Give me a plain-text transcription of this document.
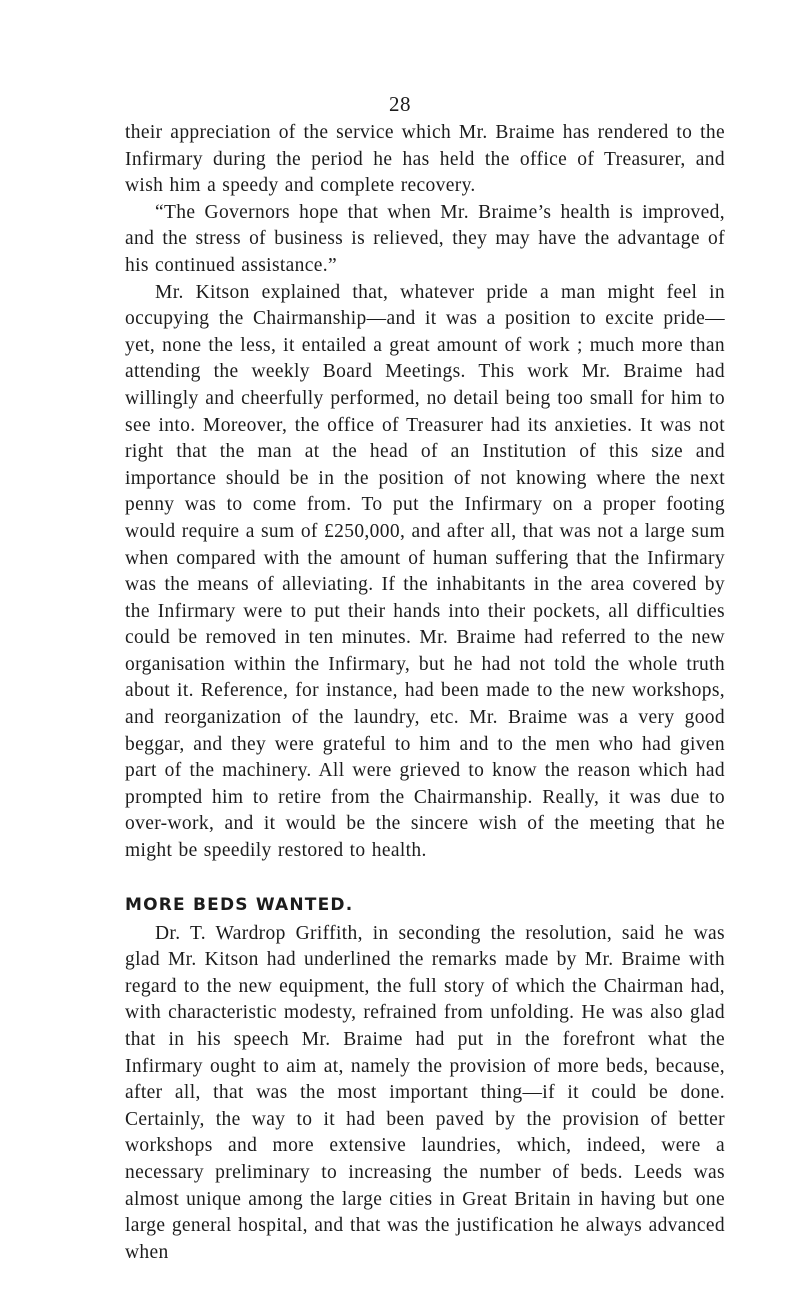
28

their appreciation of the service which Mr. Braime has rendered to the Infirmary during the period he has held the office of Treasurer, and wish him a speedy and complete recovery.

“The Governors hope that when Mr. Braime’s health is improved, and the stress of business is relieved, they may have the advantage of his continued assistance.”

Mr. Kitson explained that, whatever pride a man might feel in occupying the Chairmanship—and it was a position to excite pride—yet, none the less, it entailed a great amount of work ; much more than attending the weekly Board Meetings. This work Mr. Braime had willingly and cheerfully performed, no detail being too small for him to see into. Moreover, the office of Treasurer had its anxieties. It was not right that the man at the head of an Institution of this size and importance should be in the position of not knowing where the next penny was to come from. To put the Infirmary on a proper footing would require a sum of £250,000, and after all, that was not a large sum when compared with the amount of human suffering that the Infirmary was the means of alleviating. If the inhabitants in the area covered by the Infirmary were to put their hands into their pockets, all difficulties could be removed in ten minutes. Mr. Braime had referred to the new organisation within the Infirmary, but he had not told the whole truth about it. Reference, for instance, had been made to the new workshops, and reorganization of the laundry, etc. Mr. Braime was a very good beggar, and they were grateful to him and to the men who had given part of the machinery. All were grieved to know the reason which had prompted him to retire from the Chairmanship. Really, it was due to over-work, and it would be the sincere wish of the meeting that he might be speedily restored to health.

MORE BEDS WANTED.

Dr. T. Wardrop Griffith, in seconding the resolution, said he was glad Mr. Kitson had underlined the remarks made by Mr. Braime with regard to the new equipment, the full story of which the Chairman had, with characteristic modesty, refrained from unfolding. He was also glad that in his speech Mr. Braime had put in the forefront what the Infirmary ought to aim at, namely the provision of more beds, because, after all, that was the most important thing—if it could be done. Certainly, the way to it had been paved by the provision of better workshops and more extensive laundries, which, indeed, were a necessary preliminary to increasing the number of beds. Leeds was almost unique among the large cities in Great Britain in having but one large general hospital, and that was the justification he always advanced when
